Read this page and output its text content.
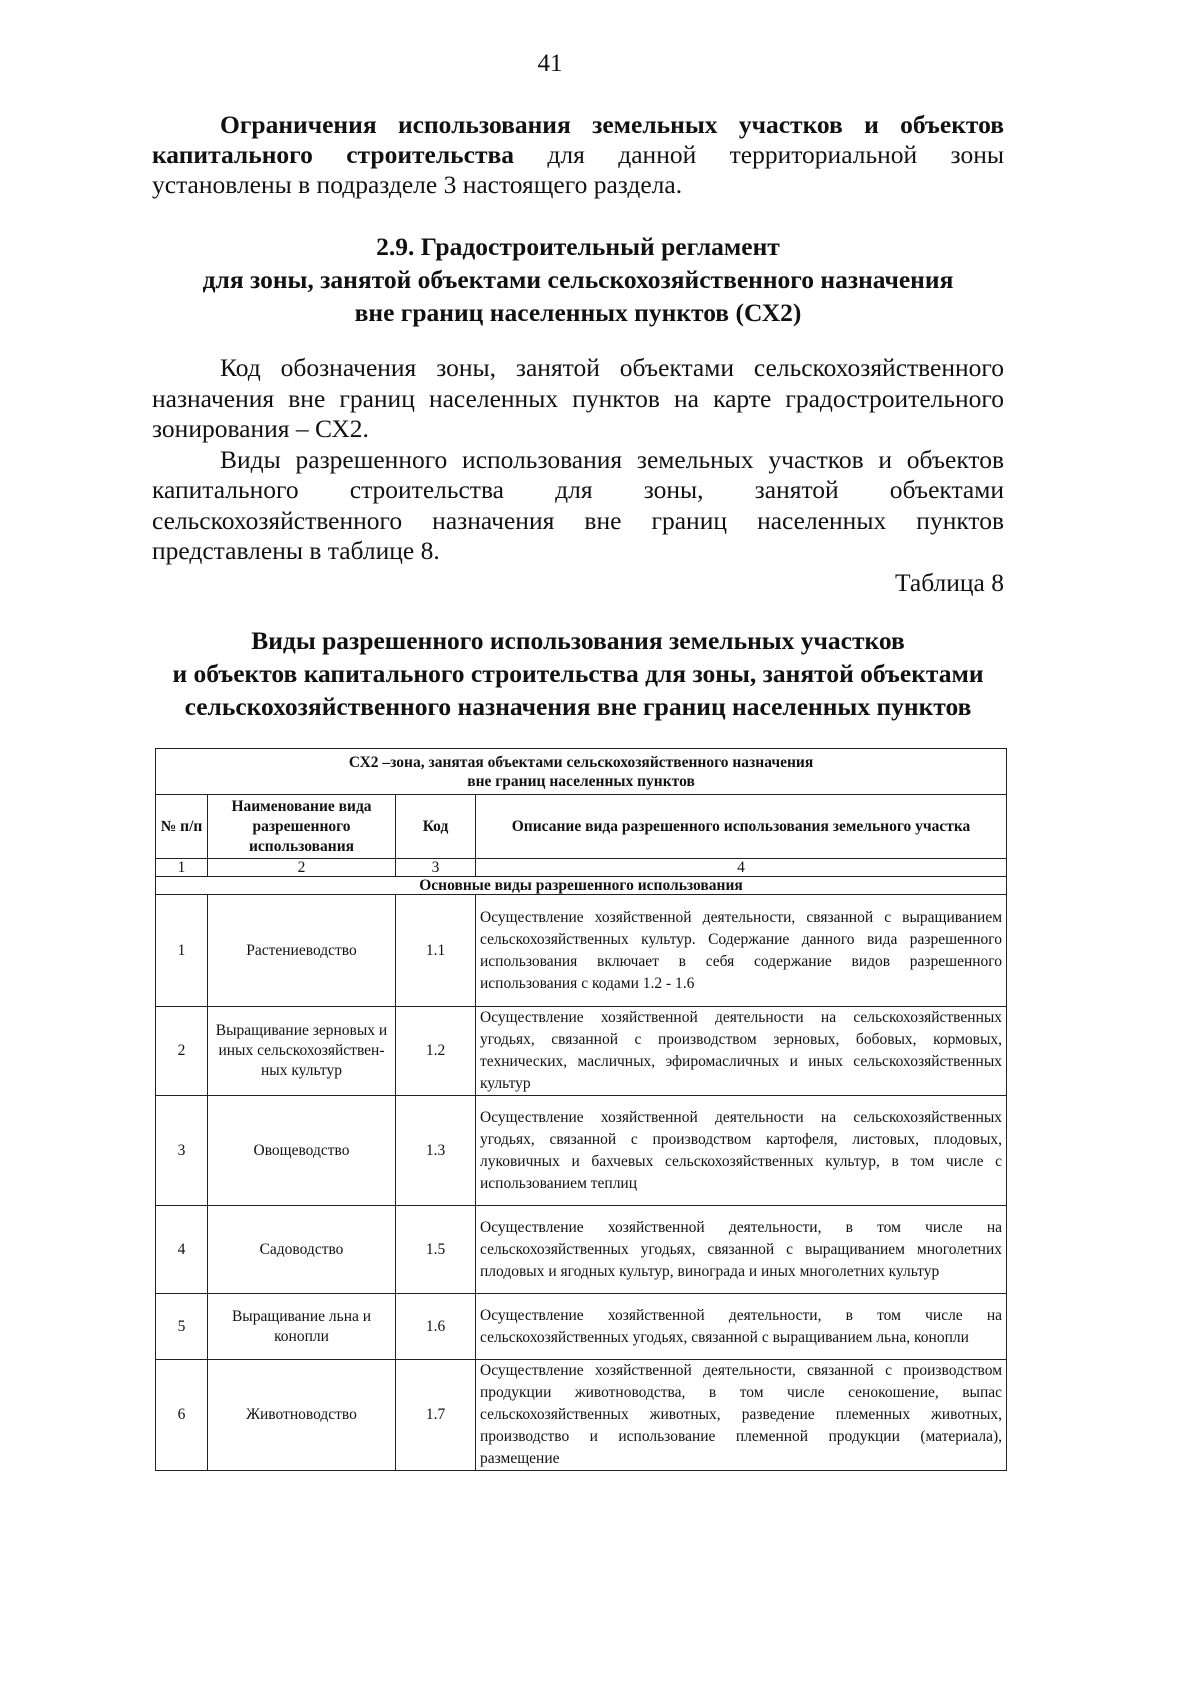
41

Ограничения использования земельных участков и объектов капитального строительства для данной территориальной зоны установлены в подразделе 3 настоящего раздела.

2.9. Градостроительный регламент
для зоны, занятой объектами сельскохозяйственного назначения
вне границ населенных пунктов (СХ2)

Код обозначения зоны, занятой объектами сельскохозяйственного назначения вне границ населенных пунктов на карте градостроительного зонирования – СХ2.

Виды разрешенного использования земельных участков и объектов капитального строительства для зоны, занятой объектами сельскохозяйственного назначения вне границ населенных пунктов представлены в таблице 8.

Таблица 8
Виды разрешенного использования земельных участков
и объектов капитального строительства для зоны, занятой объектами
сельскохозяйственного назначения вне границ населенных пунктов
СХ2 –зона, занятая объектами сельскохозяйственного назначения
вне границ населенных пунктов			

№ п/п	Наименование вида разрешенного использования	Код	Описание вида разрешенного использования земельного участка
1	2	3	4
Основные виды разрешенного использования			
1	Растениеводство	1.1	Осуществление хозяйственной деятельности, связанной с выращиванием сельскохозяйственных культур. Содержание данного вида разрешенного использования включает в себя содержание видов разрешенного использования с кодами 1.2 - 1.6
2	Выращивание зерновых и иных сельскохозяйствен-ных культур	1.2	Осуществление хозяйственной деятельности на сельскохозяйственных угодьях, связанной с производством зерновых, бобовых, кормовых, технических, масличных, эфиромасличных и иных сельскохозяйственных культур
3	Овощеводство	1.3	Осуществление хозяйственной деятельности на сельскохозяйственных угодьях, связанной с производством картофеля, листовых, плодовых, луковичных и бахчевых сельскохозяйственных культур, в том числе с использованием теплиц
4	Садоводство	1.5	Осуществление хозяйственной деятельности, в том числе на сельскохозяйственных угодьях, связанной с выращиванием многолетних плодовых и ягодных культур, винограда и иных многолетних культур
5	Выращивание льна и конопли	1.6	Осуществление хозяйственной деятельности, в том числе на сельскохозяйственных угодьях, связанной с выращиванием льна, конопли
6	Животноводство	1.7	Осуществление хозяйственной деятельности, связанной с производством продукции животноводства, в том числе сенокошение, выпас сельскохозяйственных животных, разведение племенных животных, производство и использование племенной продукции (материала), размещение
